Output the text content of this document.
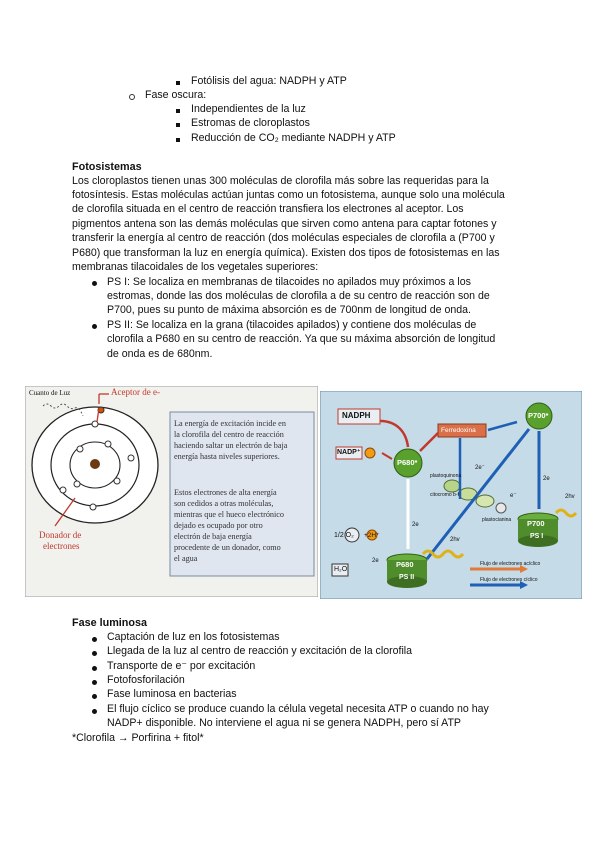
Fotólisis del agua: NADPH y ATP
Fase oscura:
Independientes de la luz
Estromas de cloroplastos
Reducción de CO₂ mediante NADPH y ATP
Fotosistemas
Los cloroplastos tienen unas 300 moléculas de clorofila más sobre las requeridas para la
fotosíntesis. Estas moléculas actúan juntas como un fotosistema, aunque solo una molécula
de clorofila situada en el centro de reacción transfiera los electrones al aceptor. Los
pigmentos antena son las demás moléculas que sirven como antena para captar fotones y
transferir la energía al centro de reacción (dos moléculas especiales de clorofila a (P700 y
P680) que transforman la luz en energía química). Existen dos tipos de fotosistemas en las
membranas tilacoidales de los vegetales superiores:
PS I: Se localiza en membranas de tilacoides no apilados muy próximos a los
estromas, donde las dos moléculas de clorofila a de su centro de reacción son de
P700, pues su punto de máxima absorción es de 700nm de longitud de onda.
PS II: Se localiza en la grana (tilacoides apilados) y contiene dos moléculas de
clorofila a P680 en su centro de reacción. Ya que su máxima absorción de longitud
de onda es de 680nm.
Cuanto de Luz	Aceptor de e-
Donador de
electrones
La energía de excitación incide en
la clorofila del centro de reacción
haciendo saltar un electrón de baja
energía hasta niveles superiores.
Estos electrones de alta energía
son cedidos a otras moléculas,
mientras que el hueco electrónico
dejado es ocupado por otro
electrón de baja energía
procedente de un donador, como
el agua
NADPH
NADP⁺
Ferredoxina
P700*
P680*
P700
PS I
P680
PS II
H₂O
1/2 O₂ +2H⁺
plastoquinona
citocromo b-f
plastocianina
e⁻
2e
2e
2e
2e⁻
2hv
2hv
Flujo de electrones acíclico
Flujo de electrones cíclico
Fase luminosa
Captación de luz en los fotosistemas
Llegada de la luz al centro de reacción y excitación de la clorofila
Transporte de e⁻ por excitación
Fotofosforilación
Fase luminosa en bacterias
El flujo cíclico se produce cuando la célula vegetal necesita ATP o cuando no hay
NADP+ disponible. No interviene el agua ni se genera NADPH, pero sí ATP
*Clorofila → Porfirina + fitol*
